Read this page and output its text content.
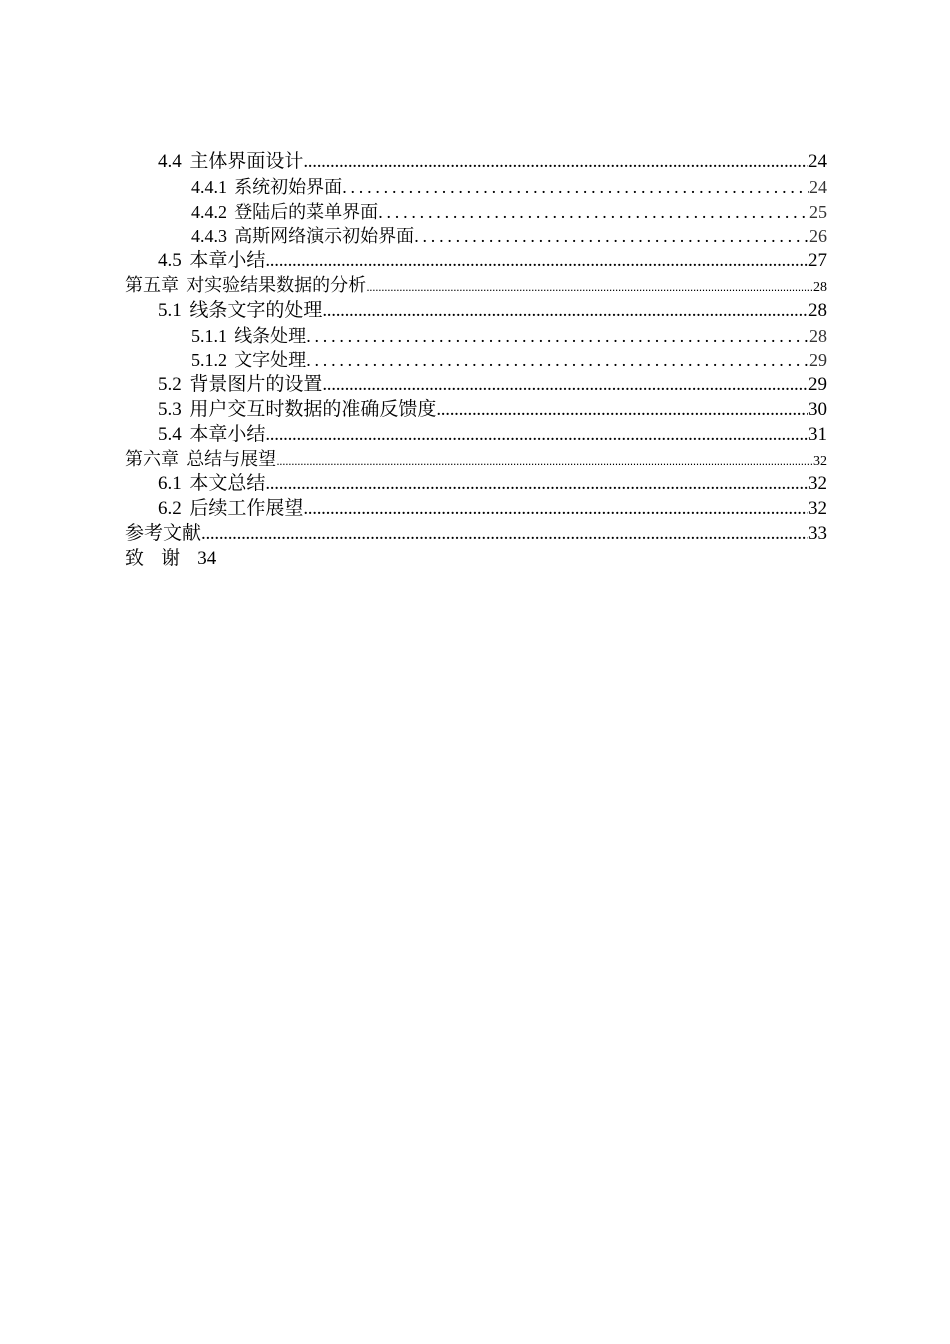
4.4 主体界面设计 .....	24
4.4.1 系统初始界面 .....	24
4.4.2 登陆后的菜单界面 .....	25
4.4.3 高斯网络演示初始界面 .....	26
4.5 本章小结 .....	27
第五章 对实验结果数据的分析 .....	28
5.1 线条文字的处理 .....	28
5.1.1 线条处理 .....	28
5.1.2 文字处理 .....	29
5.2 背景图片的设置 .....	29
5.3 用户交互时数据的准确反馈度 .....	30
5.4 本章小结 .....	31
第六章 总结与展望 .....	32
6.1 本文总结 .....	32
6.2 后续工作展望 .....	32
参考文献 .....	33
致谢 34
